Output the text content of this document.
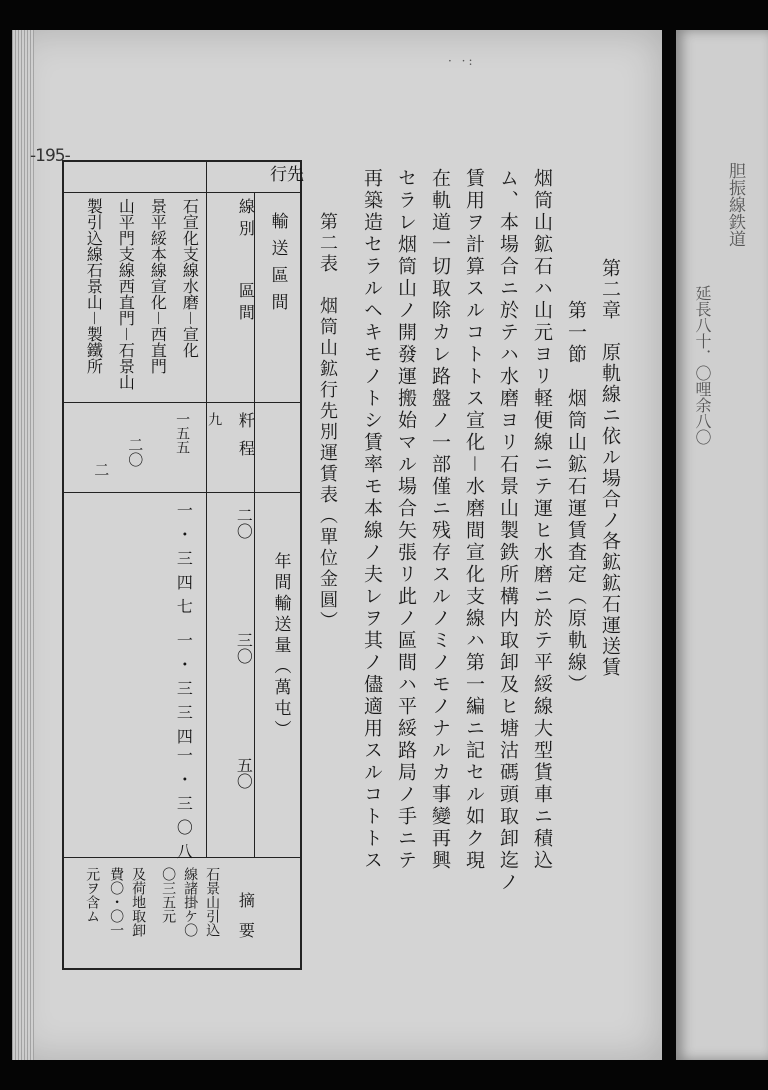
胆振線鉄道
延長八十．〇哩余八〇
· ·:
-195-
第二章　原軌線ニ依ル場合ノ各鉱鉱石運送賃
第一節　烟筒山鉱石運賃査定（原軌線）
烟筒山鉱石ハ山元ヨリ軽便線ニテ運ヒ水磨ニ於テ平綏線大型貨車ニ積込
ム、本場合ニ於テハ水磨ヨリ石景山製鉄所構内取卸及ヒ塘沽碼頭取卸迄ノ
賃用ヲ計算スルコトトス宣化－水磨間宣化支線ハ第一編ニ記セル如ク現
在軌道一切取除カレ路盤ノ一部僅ニ残存スルノミノモノナルカ事變再興
セラレ烟筒山ノ開發運搬始マル場合矢張リ此ノ區間ハ平綏路局ノ手ニテ
再築造セラルヘキモノトシ賃率モ本線ノ夫レヲ其ノ儘適用スルコトトス
第二表　烟筒山鉱行先別運賃表（單位金圓）
行先
輸送區間
線別
區間
粁程
年間輸送量（萬屯）
摘要
石宣化支線水磨－宣化
景平綏本線宣化－西直門
山平門支線西直門－石景山
製引込線石景山－製鐵所
九
一五五
二〇
二
二〇
三〇
五〇
一・三四七
一・三三四
一・三〇八
石景山引込
線諸掛ケ〇
〇三五元
及荷地取卸
費〇・〇一
元ヲ含ム
